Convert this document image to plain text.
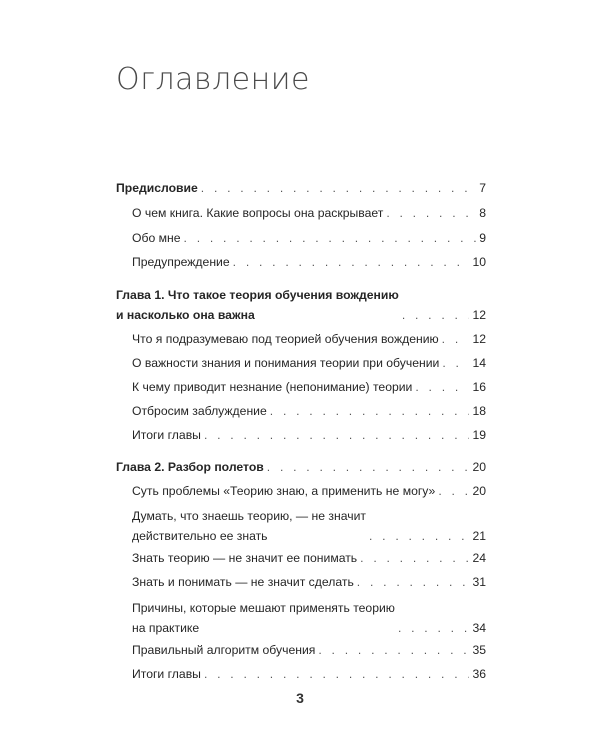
Оглавление
Предисловие . . .	7
О чем книга. Какие вопросы она раскрывает . . .	8
Обо мне . . .	9
Предупреждение . . .	10
Глава 1. Что такое теория обучения вождению
и насколько она важна . . .	12
Что я подразумеваю под теорией обучения вождению . . .	12
О важности знания и понимания теории при обучении . . .	14
К чему приводит незнание (непонимание) теории . . .	16
Отбросим заблуждение . . .	18
Итоги главы . . .	19
Глава 2. Разбор полетов . . .	20
Суть проблемы «Теорию знаю, а применить не могу» . . .	20
Думать, что знаешь теорию, — не значит
действительно ее знать . . .	21
Знать теорию — не значит ее понимать . . .	24
Знать и понимать — не значит сделать . . .	31
Причины, которые мешают применять теорию
на практике . . .	34
Правильный алгоритм обучения . . .	35
Итоги главы . . .	36
3
